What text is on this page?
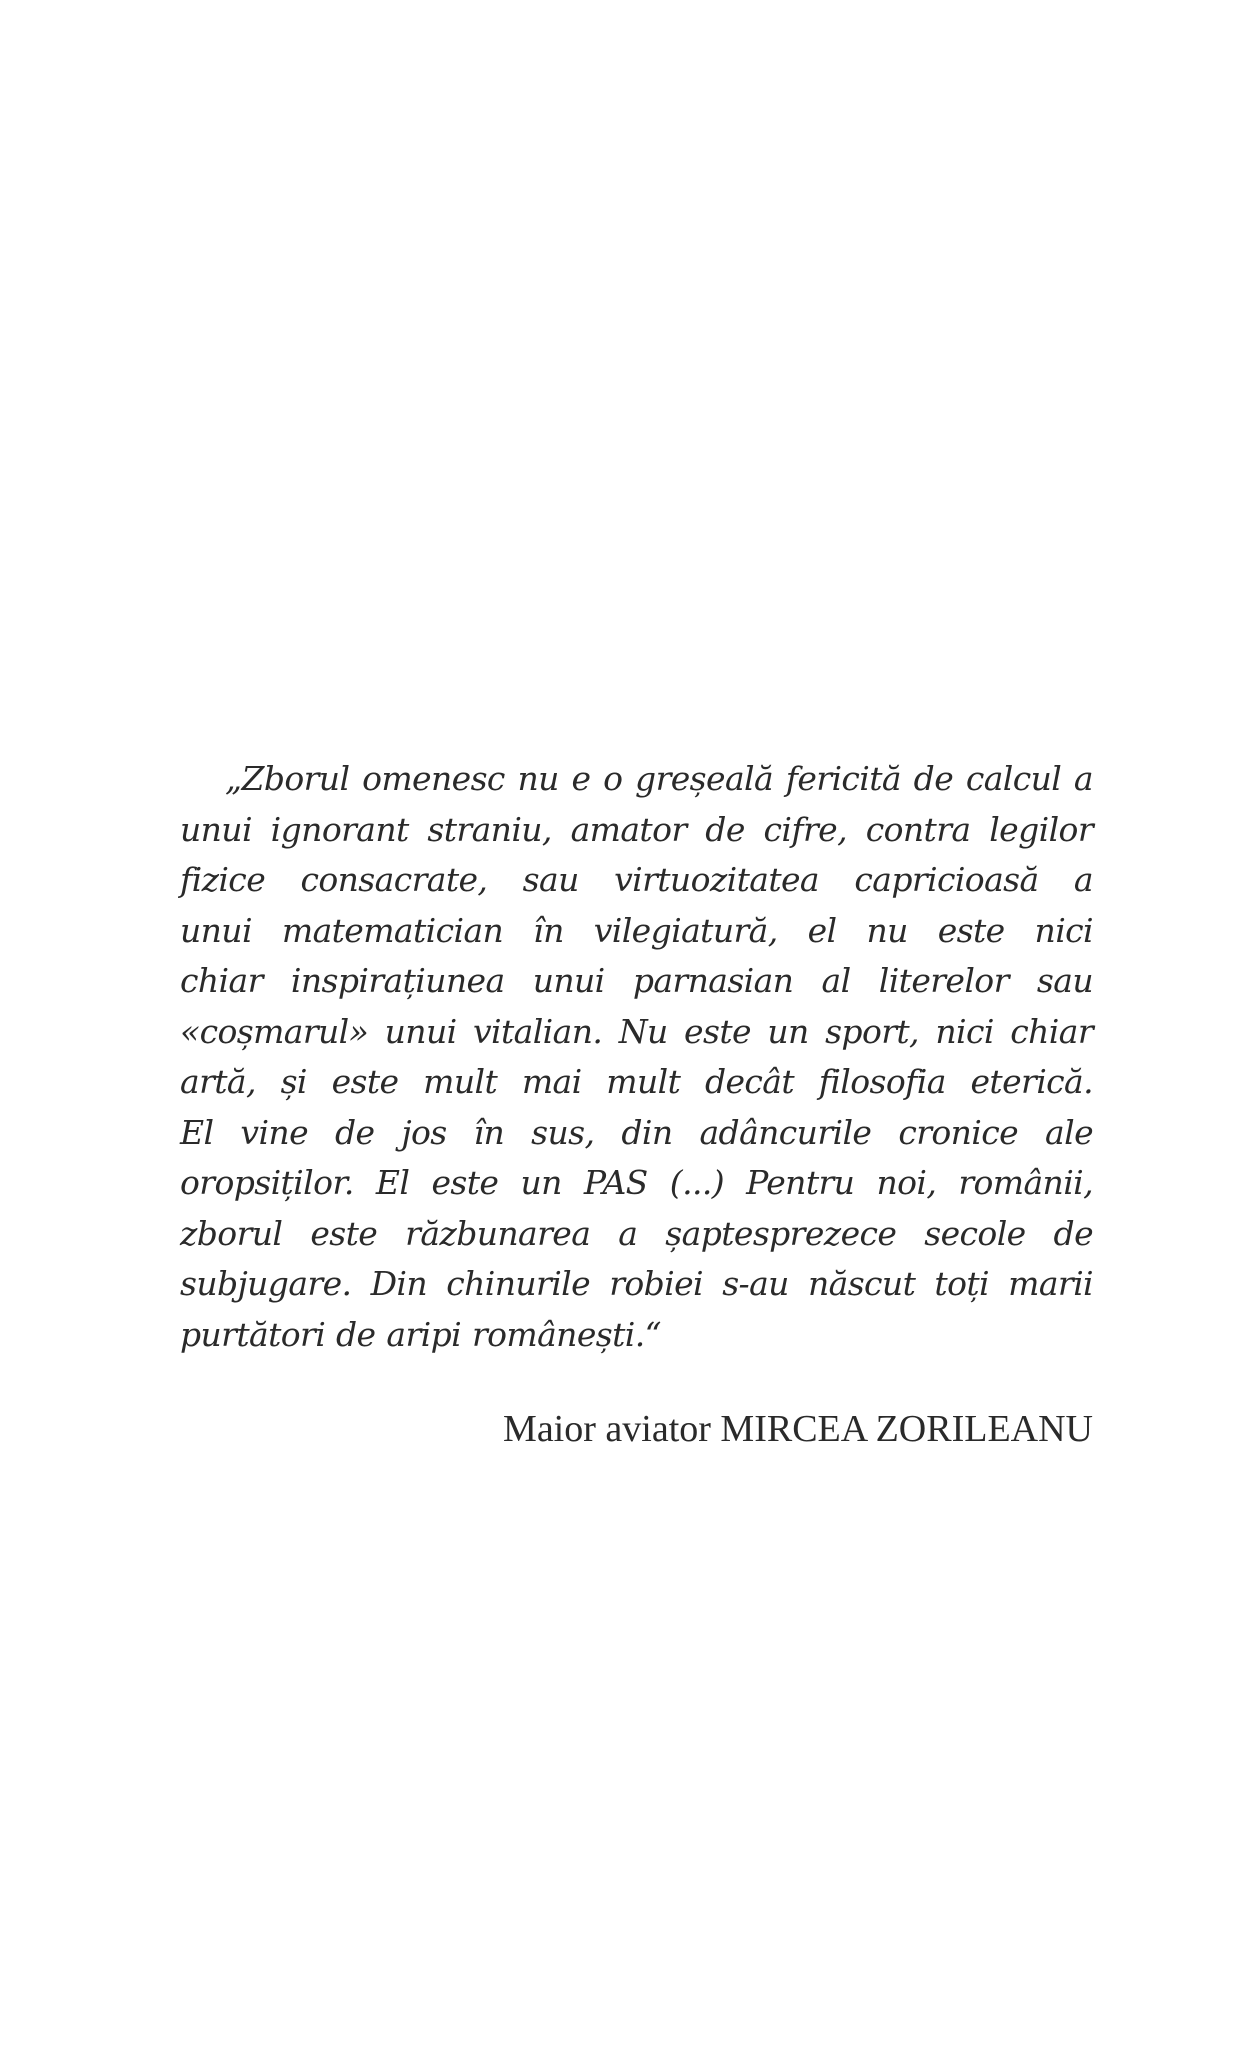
„Zborul omenesc nu e o greșeală fericită de calcul a
unui ignorant straniu, amator de cifre, contra legilor
fizice consacrate, sau virtuozitatea capricioasă a
unui matematician în vilegiatură, el nu este nici
chiar inspirațiunea unui parnasian al literelor sau
«coșmarul» unui vitalian. Nu este un sport, nici chiar
artă, și este mult mai mult decât filosofia eterică.
El vine de jos în sus, din adâncurile cronice ale
oropsiților. El este un PAS (...) Pentru noi, românii,
zborul este răzbunarea a șaptesprezece secole de
subjugare. Din chinurile robiei s-au născut toți marii
purtători de aripi românești.“

Maior aviator MIRCEA ZORILEANU
